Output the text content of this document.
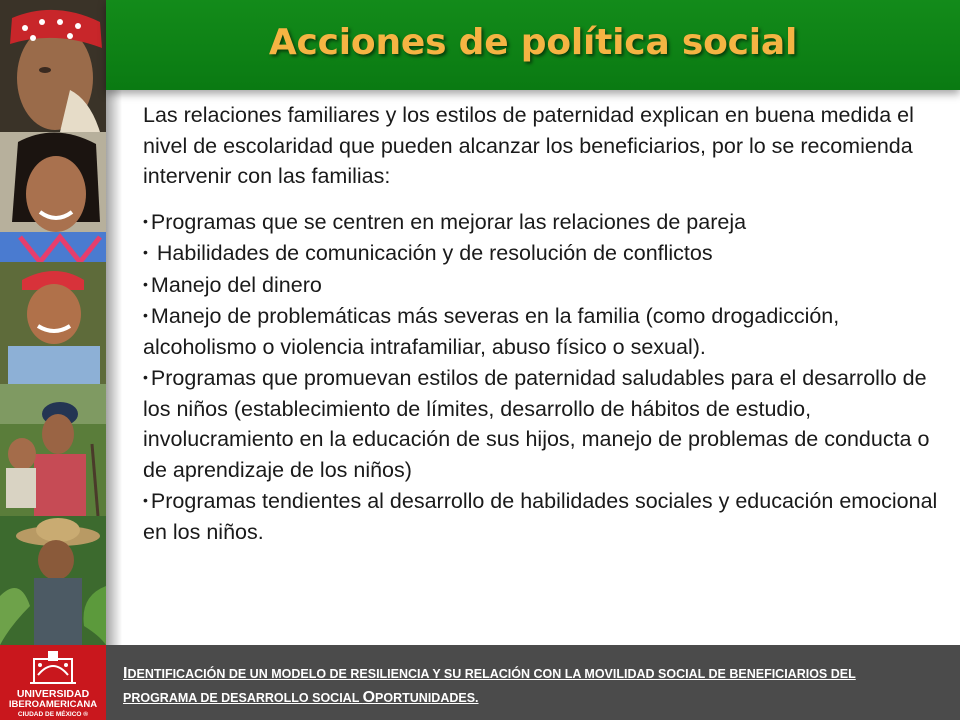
Acciones de política social

Las relaciones familiares y los estilos de paternidad explican en buena medida el nivel de escolaridad que pueden alcanzar los beneficiarios, por lo se recomienda intervenir con las familias:

• Programas que se centren en mejorar las relaciones de pareja
• Habilidades de comunicación y de resolución de conflictos
• Manejo del dinero
• Manejo de problemáticas más severas en la familia (como drogadicción, alcoholismo o violencia intrafamiliar, abuso físico o sexual).
• Programas que promuevan estilos de paternidad saludables para el desarrollo de los niños (establecimiento de límites, desarrollo de hábitos de estudio, involucramiento en la educación de sus hijos, manejo de problemas de conducta o de aprendizaje de los niños)
• Programas tendientes al desarrollo de habilidades sociales y educación emocional en los niños.
UNIVERSIDAD
IBEROAMERICANA
CIUDAD DE MÉXICO ®
IDENTIFICACIÓN DE UN MODELO DE RESILIENCIA Y SU RELACIÓN CON LA MOVILIDAD SOCIAL DE BENEFICIARIOS DEL PROGRAMA DE DESARROLLO SOCIAL OPORTUNIDADES.
